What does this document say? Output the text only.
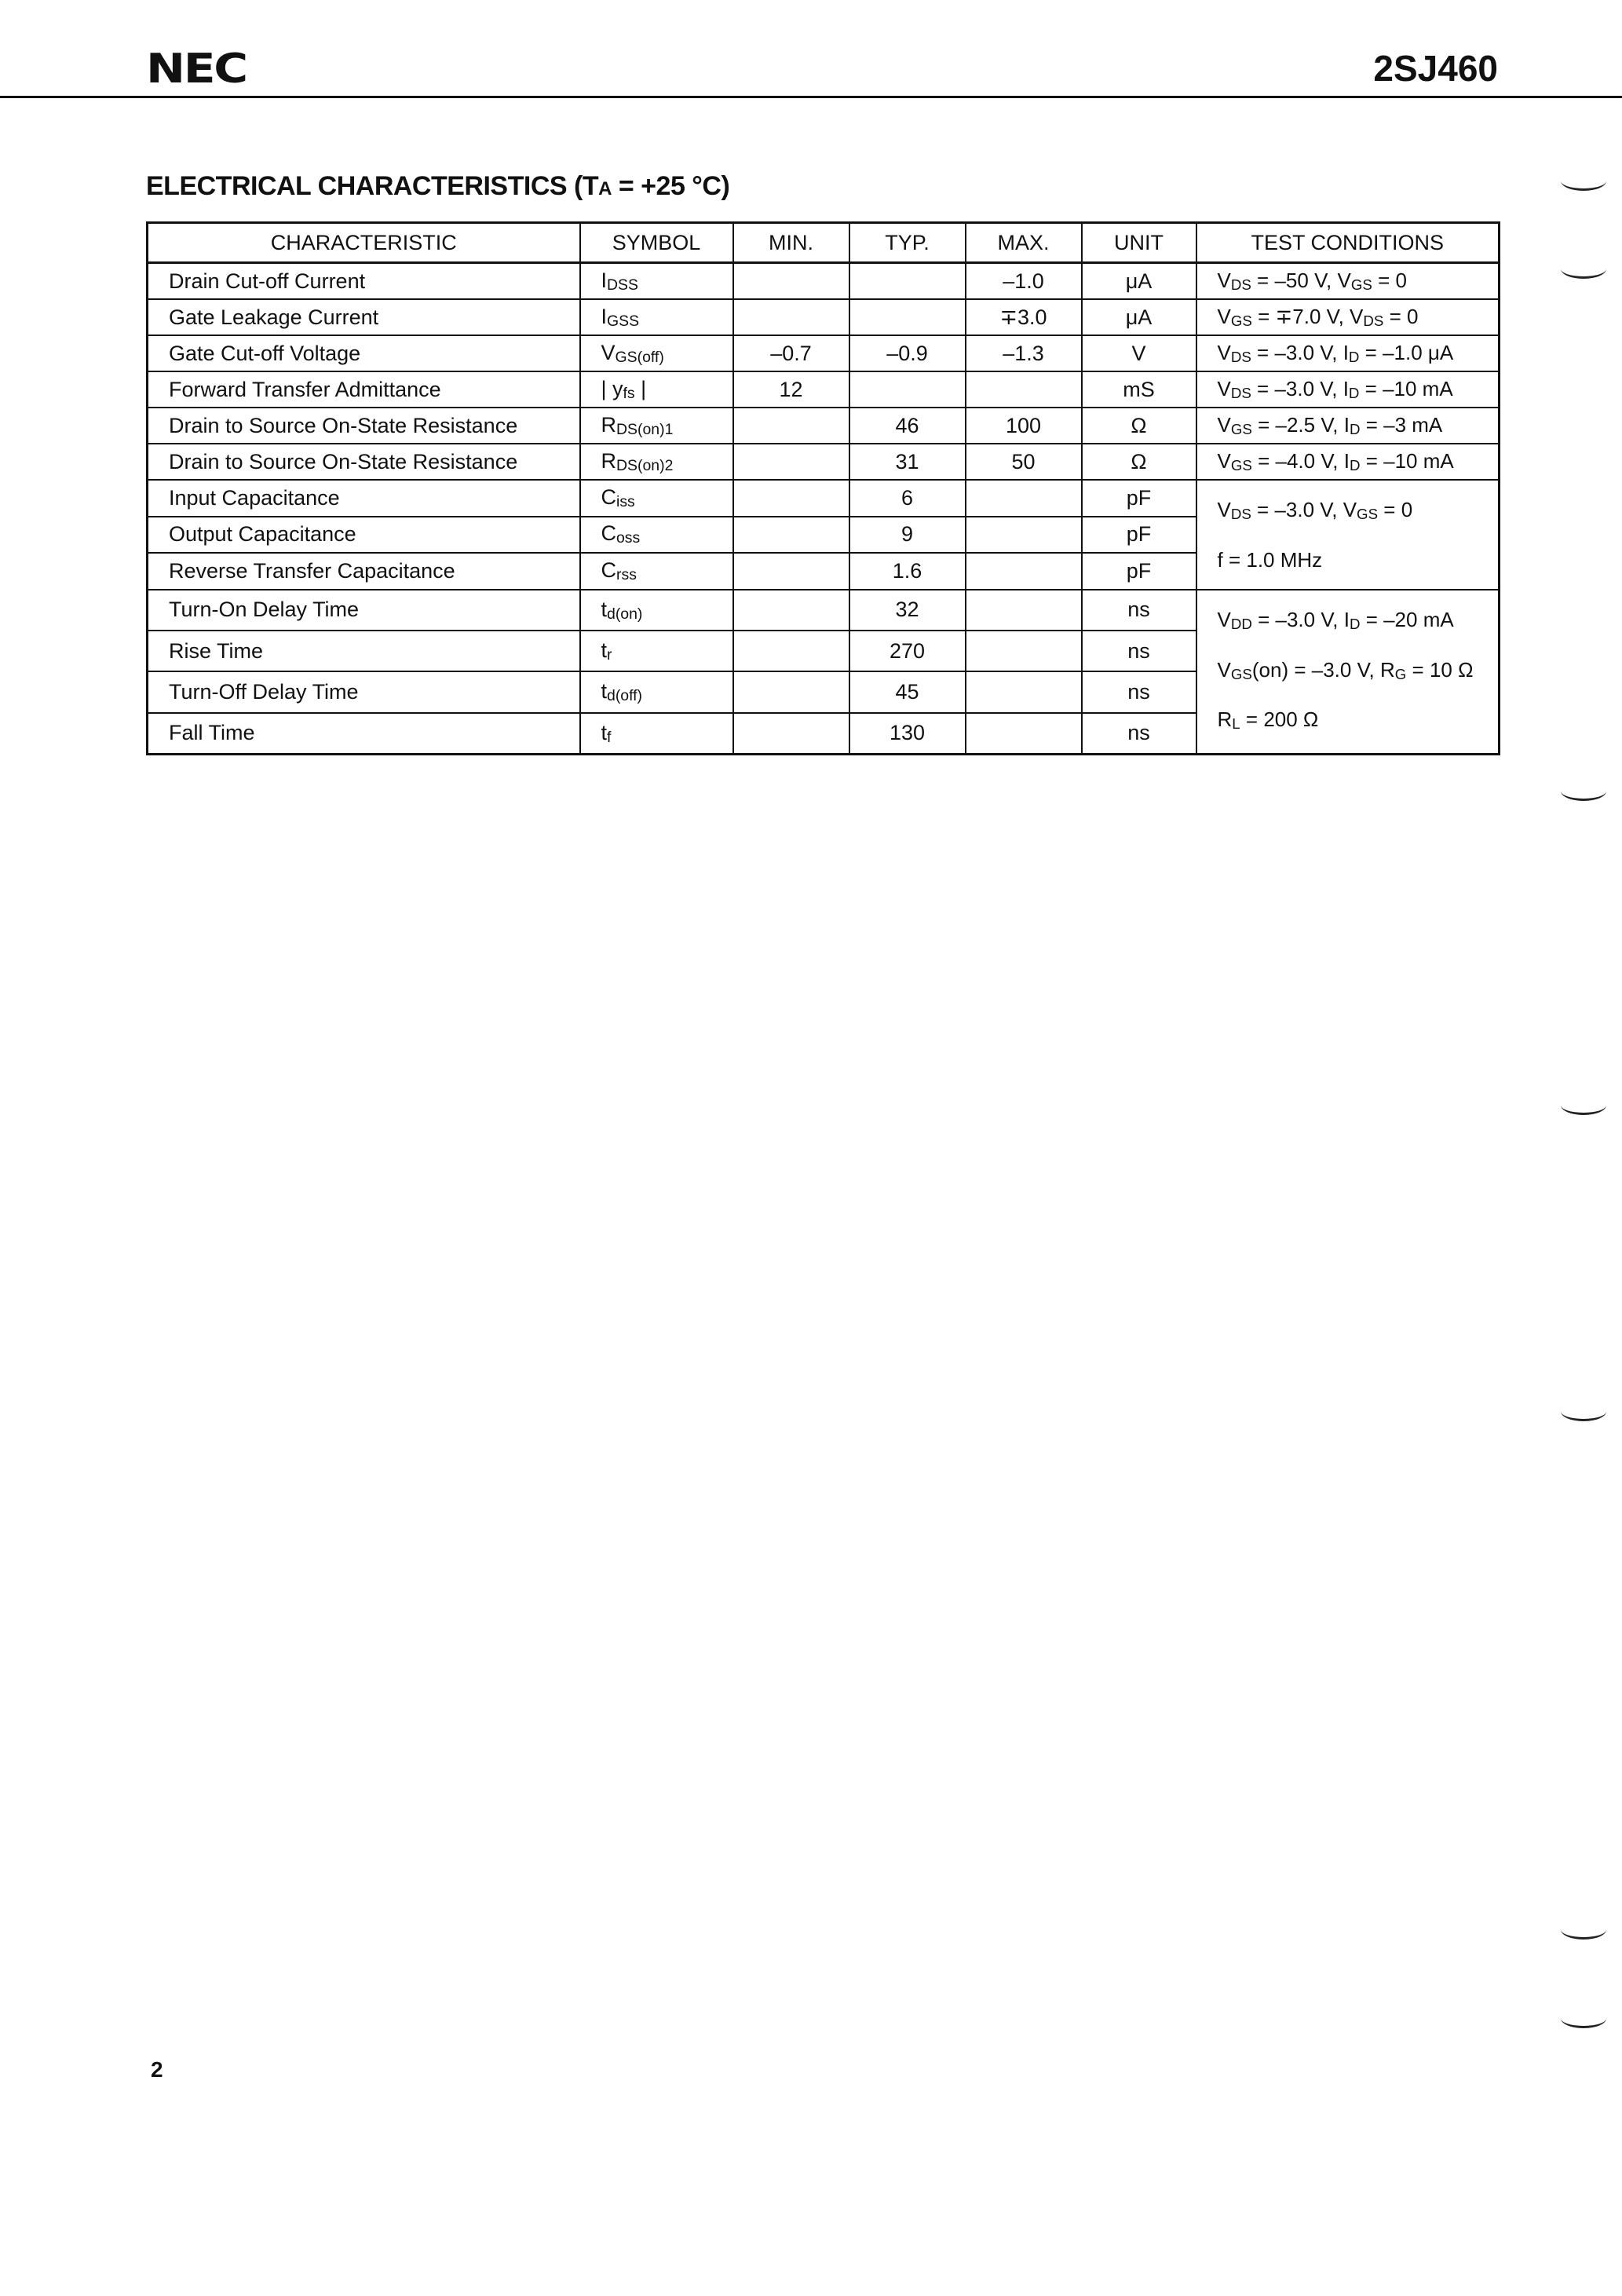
NEC	2SJ460
ELECTRICAL CHARACTERISTICS (TA = +25 °C)
CHARACTERISTIC	SYMBOL	MIN.	TYP.	MAX.	UNIT	TEST CONDITIONS
Drain Cut-off Current	$I_{DSS}$			–1.0	μA	$V_{DS} = -50$ V, $V_{GS} = 0$
Gate Leakage Current	$I_{GSS}$			∓3.0	μA	$V_{GS} = \mp 7.0$ V, $V_{DS} = 0$
Gate Cut-off Voltage	$V_{GS(off)}$	–0.7	–0.9	–1.3	V	$V_{DS} = -3.0$ V, $I_D = -1.0$ μA
Forward Transfer Admittance	| $y_{fs}$ |	12			mS	$V_{DS} = -3.0$ V, $I_D = -10$ mA
Drain to Source On-State Resistance	$R_{DS(on)1}$		46	100	Ω	$V_{GS} = -2.5$ V, $I_D = -3$ mA
Drain to Source On-State Resistance	$R_{DS(on)2}$		31	50	Ω	$V_{GS} = -4.0$ V, $I_D = -10$ mA
Input Capacitance	$C_{iss}$		6		pF	$V_{DS} = -3.0$ V, $V_{GS} = 0$
f = 1.0 MHz

Output Capacitance	$C_{oss}$		9		pF	
Reverse Transfer Capacitance	$C_{rss}$		1.6		pF	
Turn-On Delay Time	$t_{d(on)}$		32		ns	$V_{DD} = -3.0$ V, $I_D = -20$ mA
$V_{GS}(on) = -3.0$ V, $R_G = 10$ Ω
$R_L = 200$ Ω

Rise Time	$t_r$		270		ns	
Turn-Off Delay Time	$t_{d(off)}$		45		ns	
Fall Time	$t_f$		130		ns	
2
